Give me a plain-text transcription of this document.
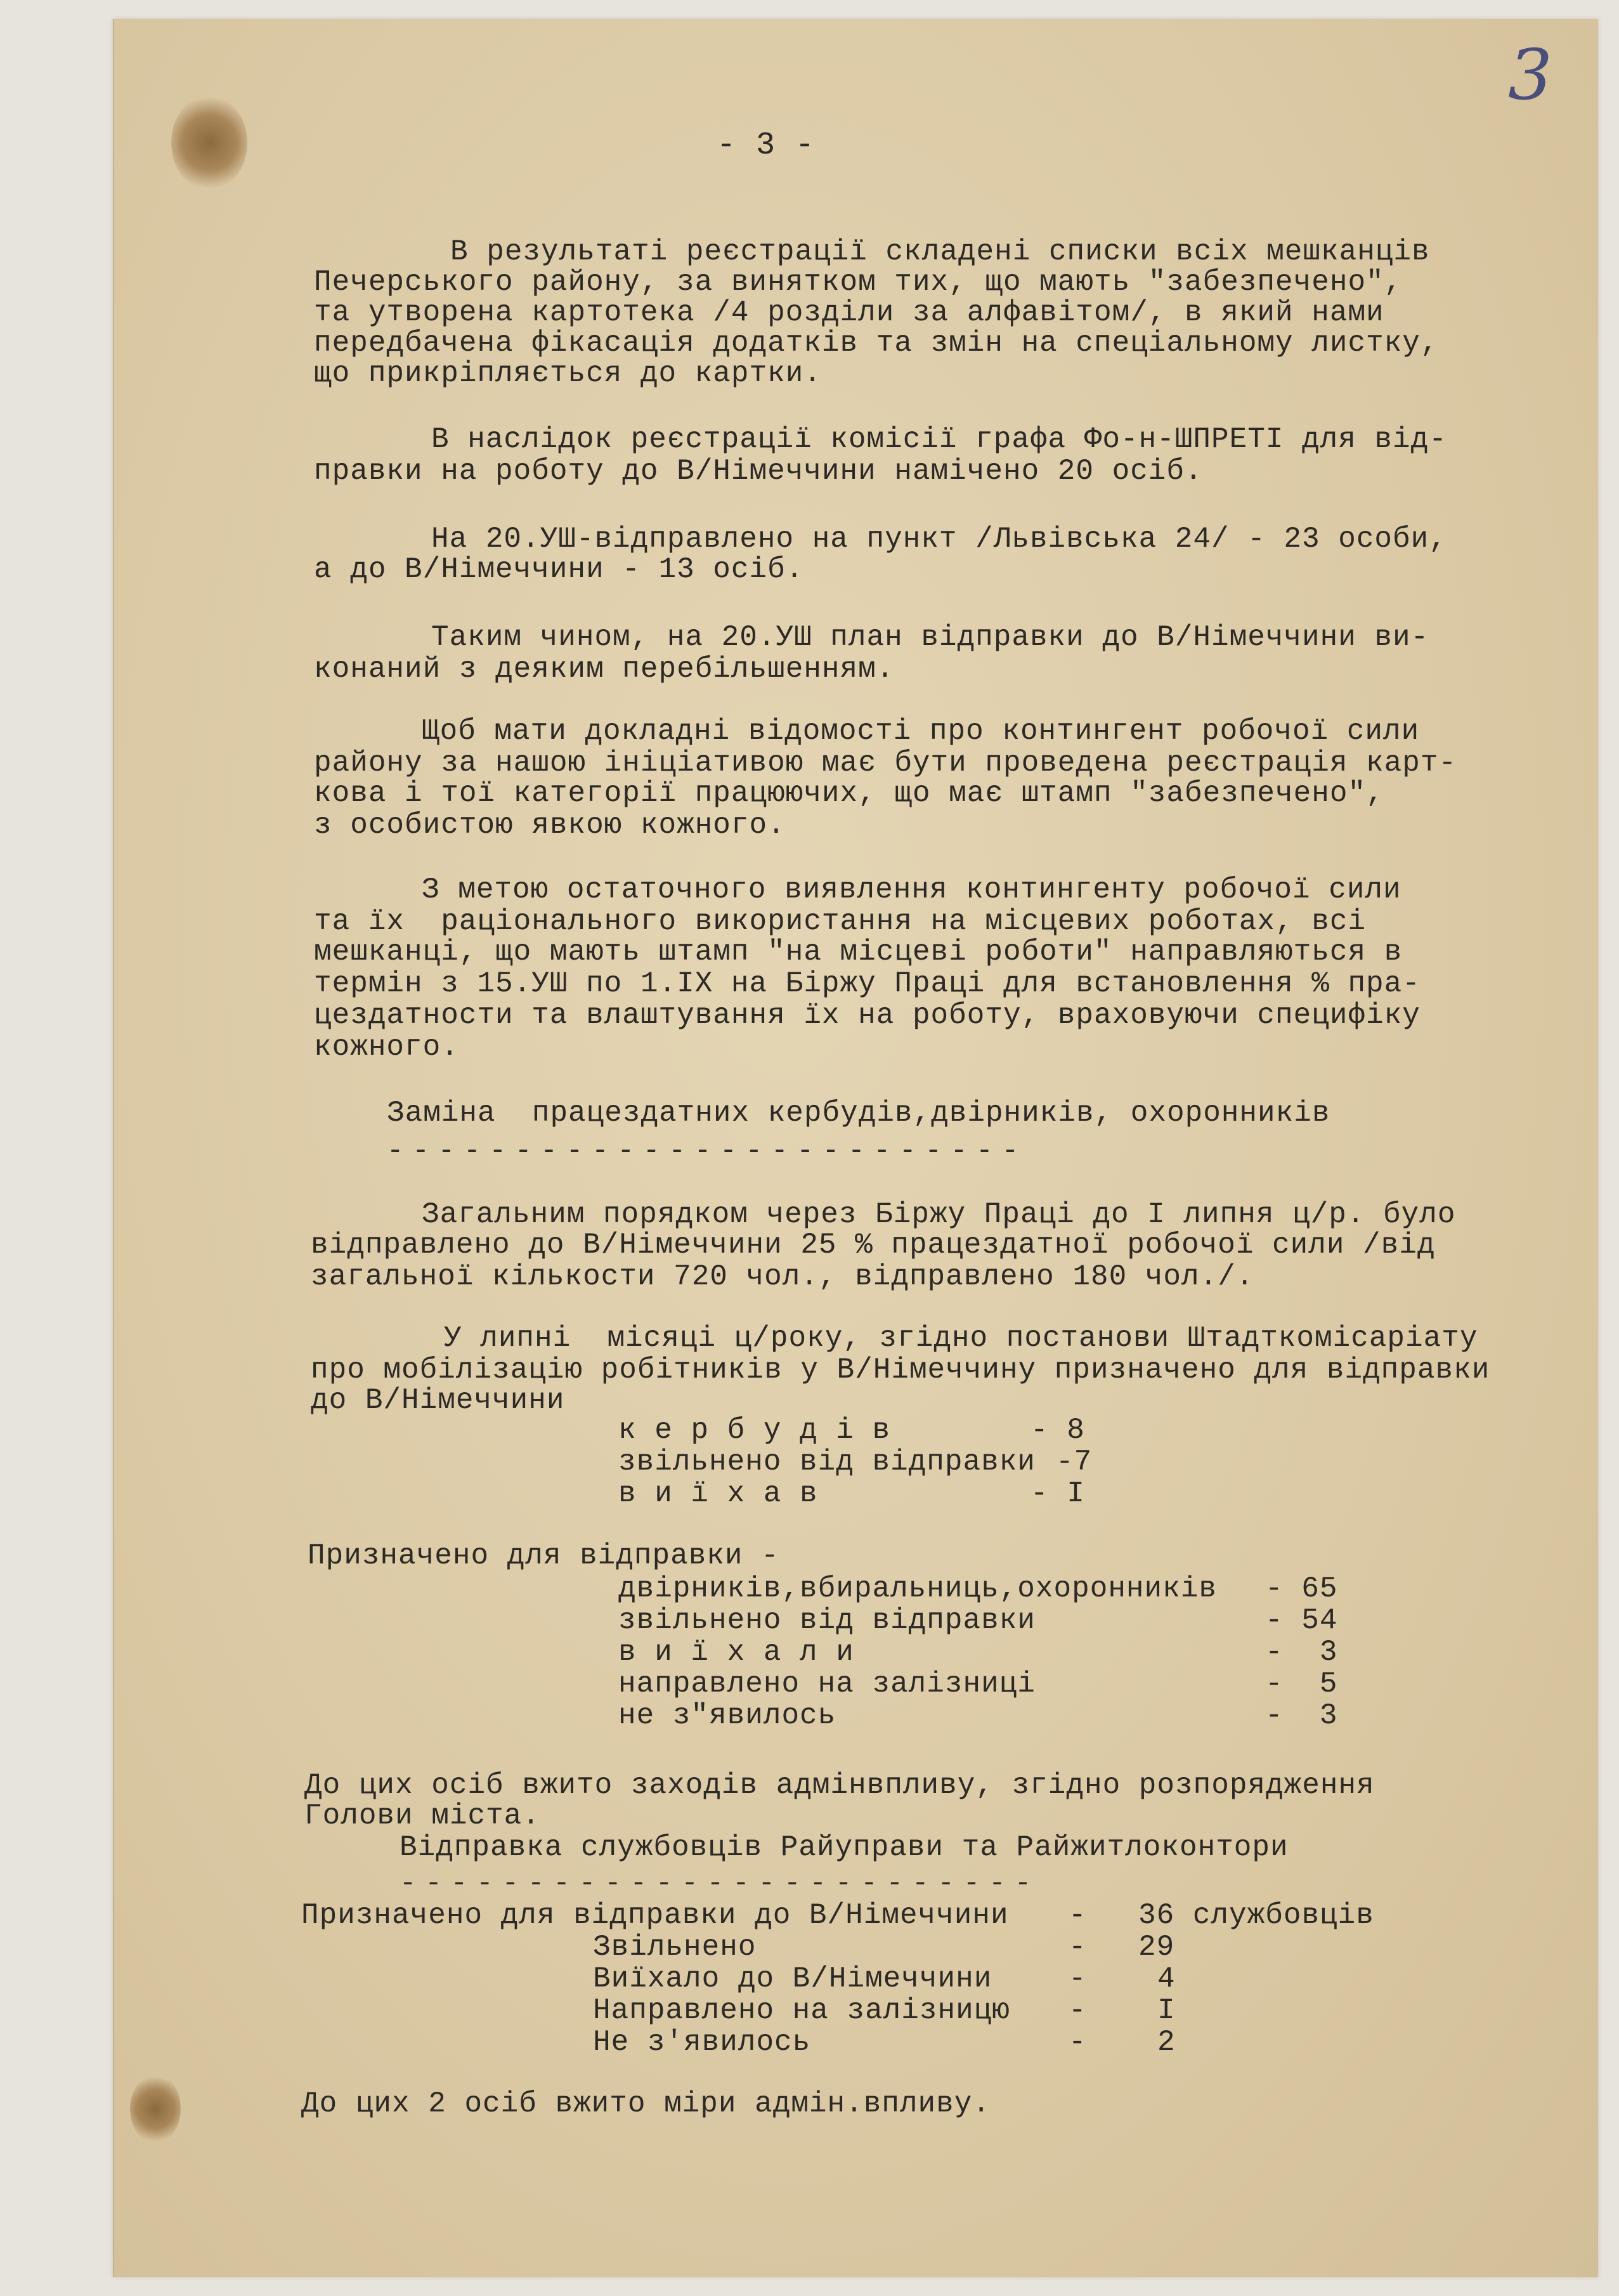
3
- 3 -
В результаті реєстрації складені списки всіх мешканців
Печерського району, за винятком тих, що мають "забезпечено",
та утворена картотека /4 розділи за алфавітом/, в який нами
передбачена фікасація додатків та змін на спеціальному листку,
що прикріпляється до картки.
В наслідок реєстрації комісії графа Фо-н-ШПРЕТІ для від-
правки на роботу до В/Німеччини намічено 20 осіб.
На 20.УШ-відправлено на пункт /Львівська 24/ - 23 особи,
а до В/Німеччини - 13 осіб.
Таким чином, на 20.УШ план відправки до В/Німеччини ви-
конаний з деяким перебільшенням.
Щоб мати докладні відомості про контингент робочої сили
району за нашою ініціативою має бути проведена реєстрація карт-
кова і тої категорії працюючих, що має штамп "забезпечено",
з особистою явкою кожного.
З метою остаточного виявлення контингенту робочої сили
та їх  раціонального використання на місцевих роботах, всі
мешканці, що мають штамп "на місцеві роботи" направляються в
термін з 15.УШ по 1.IX на Біржу Праці для встановлення % пра-
цездатности та влаштування їх на роботу, враховуючи специфіку
кожного.
Заміна  працездатних кербудів,двірників, охоронників
-------------------------
Загальним порядком через Біржу Праці до І липня ц/р. було
відправлено до В/Німеччини 25 % працездатної робочої сили /від
загальної кількости 720 чол., відправлено 180 чол./.
У липні  місяці ц/року, згідно постанови Штадткомісаріату
про мобілізацію робітників у В/Німеччину призначено для відправки
до В/Німеччини
к е р б у д і в	- 8
звільнено від відправки -7
в и ї х а в	- І
Призначено для відправки -
двірників,вбиральниць,охоронників - 65
звільнено від відправки	- 54
в и ї х а л и	-  3
направлено на залізниці	-  5
не з"явилось	-  3
До цих осіб вжито заходів адмінвпливу, згідно розпорядження
Голови міста.
Відправка службовців Райуправи та Райжитлоконтори
-------------------------
Призначено для відправки до В/Німеччини - 36 службовців
Звільнено	- 29
Виїхало до В/Німеччини	- 4
Направлено на залізницю - І
Не з'явилось	- 2
До цих 2 осіб вжито міри адмін.впливу.
